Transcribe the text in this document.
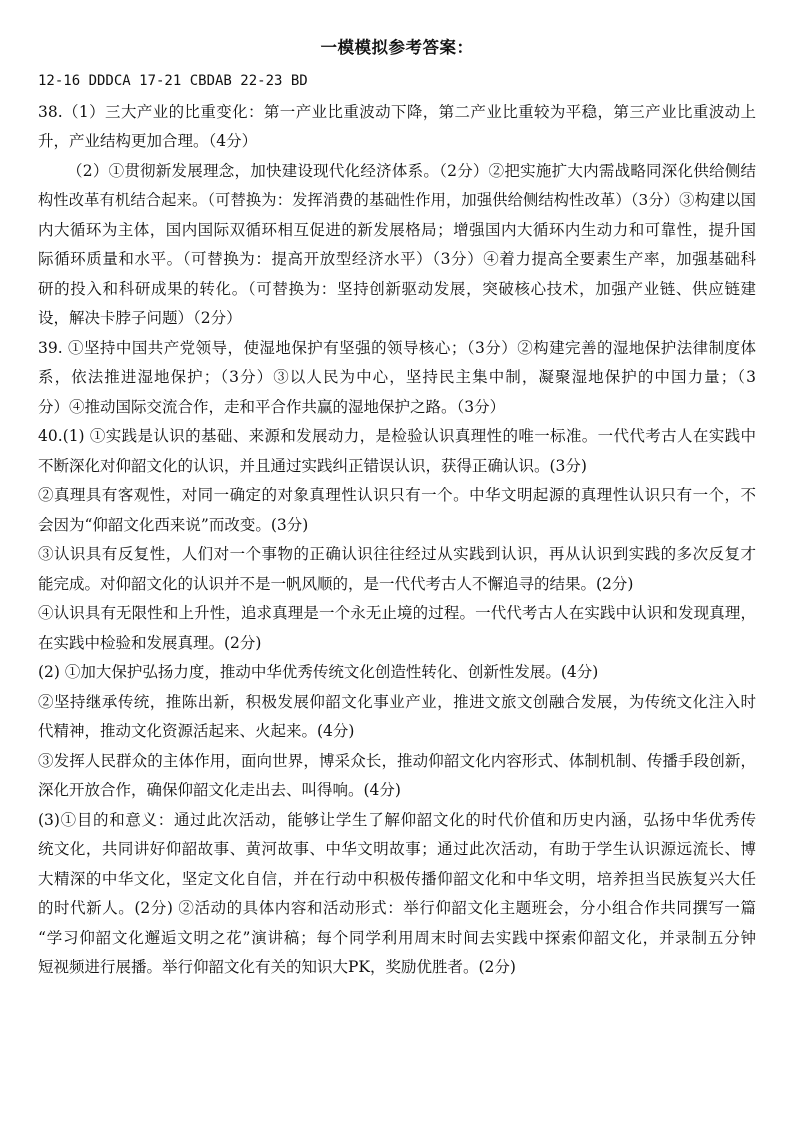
一模模拟参考答案：
12-16 DDDCA 17-21 CBDAB 22-23 BD
38.（1）三大产业的比重变化：第一产业比重波动下降，第二产业比重较为平稳，第三产业比重波动上
升，产业结构更加合理。（4分）
（2）①贯彻新发展理念，加快建设现代化经济体系。（2分）②把实施扩大内需战略同深化供给侧结
构性改革有机结合起来。（可替换为：发挥消费的基础性作用，加强供给侧结构性改革）（3分）③构建以国
内大循环为主体，国内国际双循环相互促进的新发展格局；增强国内大循环内生动力和可靠性，提升国
际循环质量和水平。（可替换为：提高开放型经济水平）（3分）④着力提高全要素生产率，加强基础科
研的投入和科研成果的转化。（可替换为：坚持创新驱动发展，突破核心技术，加强产业链、供应链建
设，解决卡脖子问题）（2分）
39. ①坚持中国共产党领导，使湿地保护有坚强的领导核心；（3分）②构建完善的湿地保护法律制度体
系，依法推进湿地保护；（3分）③以人民为中心，坚持民主集中制，凝聚湿地保护的中国力量；（3
分）④推动国际交流合作，走和平合作共赢的湿地保护之路。（3分）
40.(1) ①实践是认识的基础、来源和发展动力，是检验认识真理性的唯一标准。一代代考古人在实践中
不断深化对仰韶文化的认识，并且通过实践纠正错误认识，获得正确认识。(3分)
②真理具有客观性，对同一确定的对象真理性认识只有一个。中华文明起源的真理性认识只有一个，不
会因为“仰韶文化西来说”而改变。(3分)
③认识具有反复性，人们对一个事物的正确认识往往经过从实践到认识，再从认识到实践的多次反复才
能完成。对仰韶文化的认识并不是一帆风顺的，是一代代考古人不懈追寻的结果。(2分)
④认识具有无限性和上升性，追求真理是一个永无止境的过程。一代代考古人在实践中认识和发现真理，
在实践中检验和发展真理。(2分)
(2) ①加大保护弘扬力度，推动中华优秀传统文化创造性转化、创新性发展。(4分)
②坚持继承传统，推陈出新，积极发展仰韶文化事业产业，推进文旅文创融合发展，为传统文化注入时
代精神，推动文化资源活起来、火起来。(4分)
③发挥人民群众的主体作用，面向世界，博采众长，推动仰韶文化内容形式、体制机制、传播手段创新，
深化开放合作，确保仰韶文化走出去、叫得响。(4分)
(3)①目的和意义：通过此次活动，能够让学生了解仰韶文化的时代价值和历史内涵，弘扬中华优秀传
统文化，共同讲好仰韶故事、黄河故事、中华文明故事；通过此次活动，有助于学生认识源远流长、博
大精深的中华文化，坚定文化自信，并在行动中积极传播仰韶文化和中华文明，培养担当民族复兴大任
的时代新人。(2分) ②活动的具体内容和活动形式：举行仰韶文化主题班会，分小组合作共同撰写一篇
“学习仰韶文化邂逅文明之花”演讲稿；每个同学利用周末时间去实践中探索仰韶文化，并录制五分钟
短视频进行展播。举行仰韶文化有关的知识大PK，奖励优胜者。(2分)
